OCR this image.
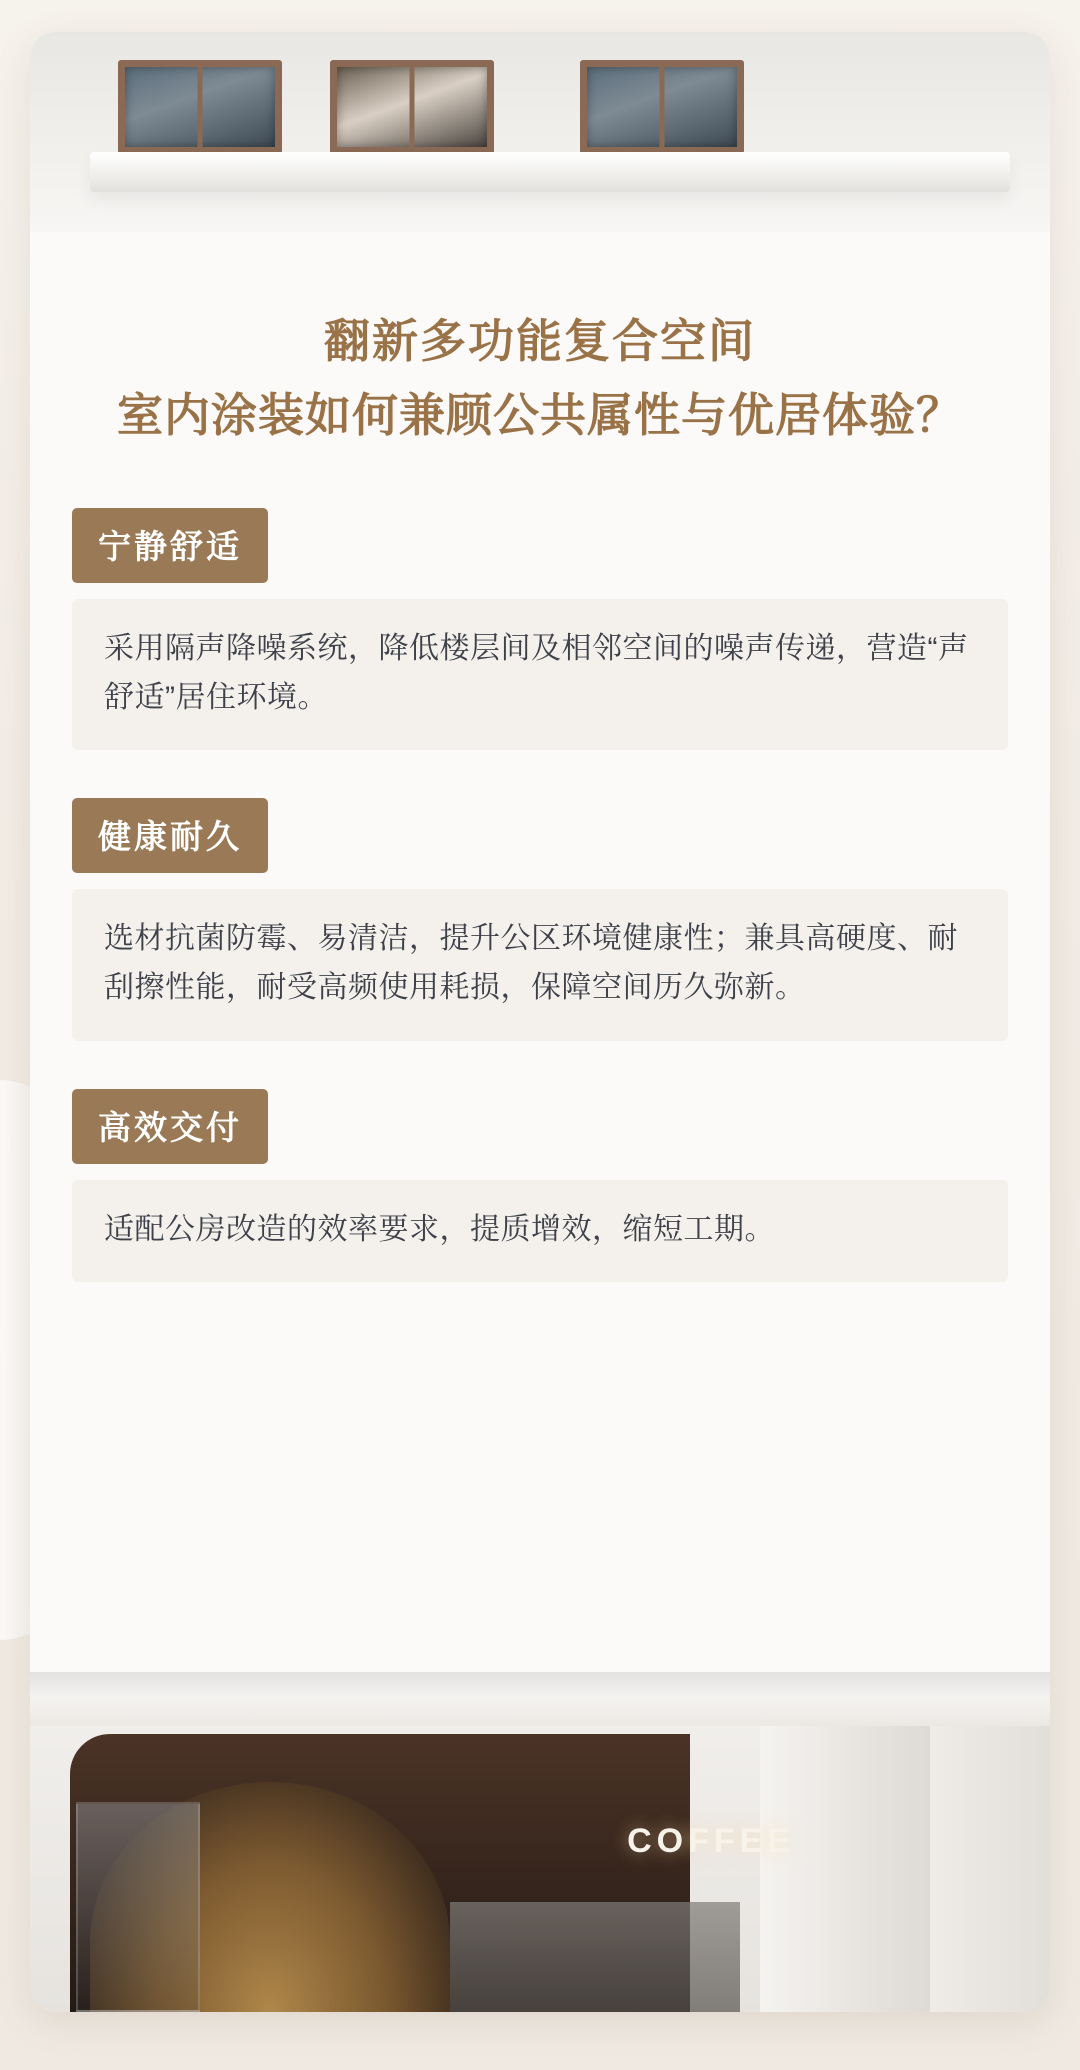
翻新多功能复合空间
室内涂装如何兼顾公共属性与优居体验？
宁静舒适

采用隔声降噪系统，降低楼层间及相邻空间的噪声传递，营造“声舒适”居住环境。

健康耐久

选材抗菌防霉、易清洁，提升公区环境健康性；兼具高硬度、耐刮擦性能，耐受高频使用耗损，保障空间历久弥新。

高效交付

适配公房改造的效率要求，提质增效，缩短工期。

COFFEE
